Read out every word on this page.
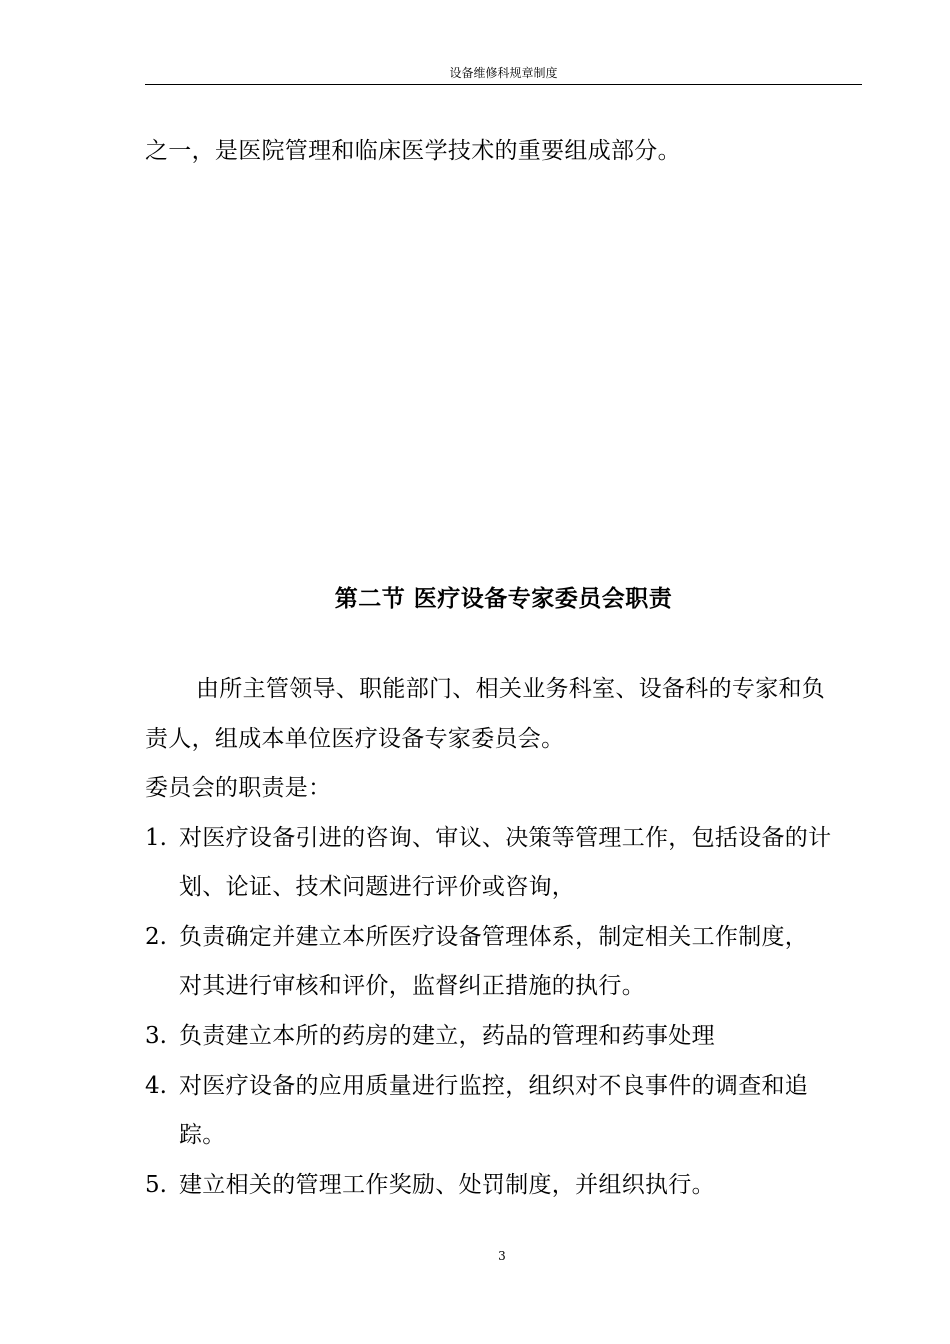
设备维修科规章制度
之一，是医院管理和临床医学技术的重要组成部分。
第二节 医疗设备专家委员会职责
由所主管领导、职能部门、相关业务科室、设备科的专家和负
责人，组成本单位医疗设备专家委员会。
委员会的职责是：
1. 对医疗设备引进的咨询、审议、决策等管理工作，包括设备的计
划、论证、技术问题进行评价或咨询，
2. 负责确定并建立本所医疗设备管理体系，制定相关工作制度，
对其进行审核和评价，监督纠正措施的执行。
3. 负责建立本所的药房的建立，药品的管理和药事处理
4. 对医疗设备的应用质量进行监控，组织对不良事件的调查和追
踪。
5. 建立相关的管理工作奖励、处罚制度，并组织执行。
3
